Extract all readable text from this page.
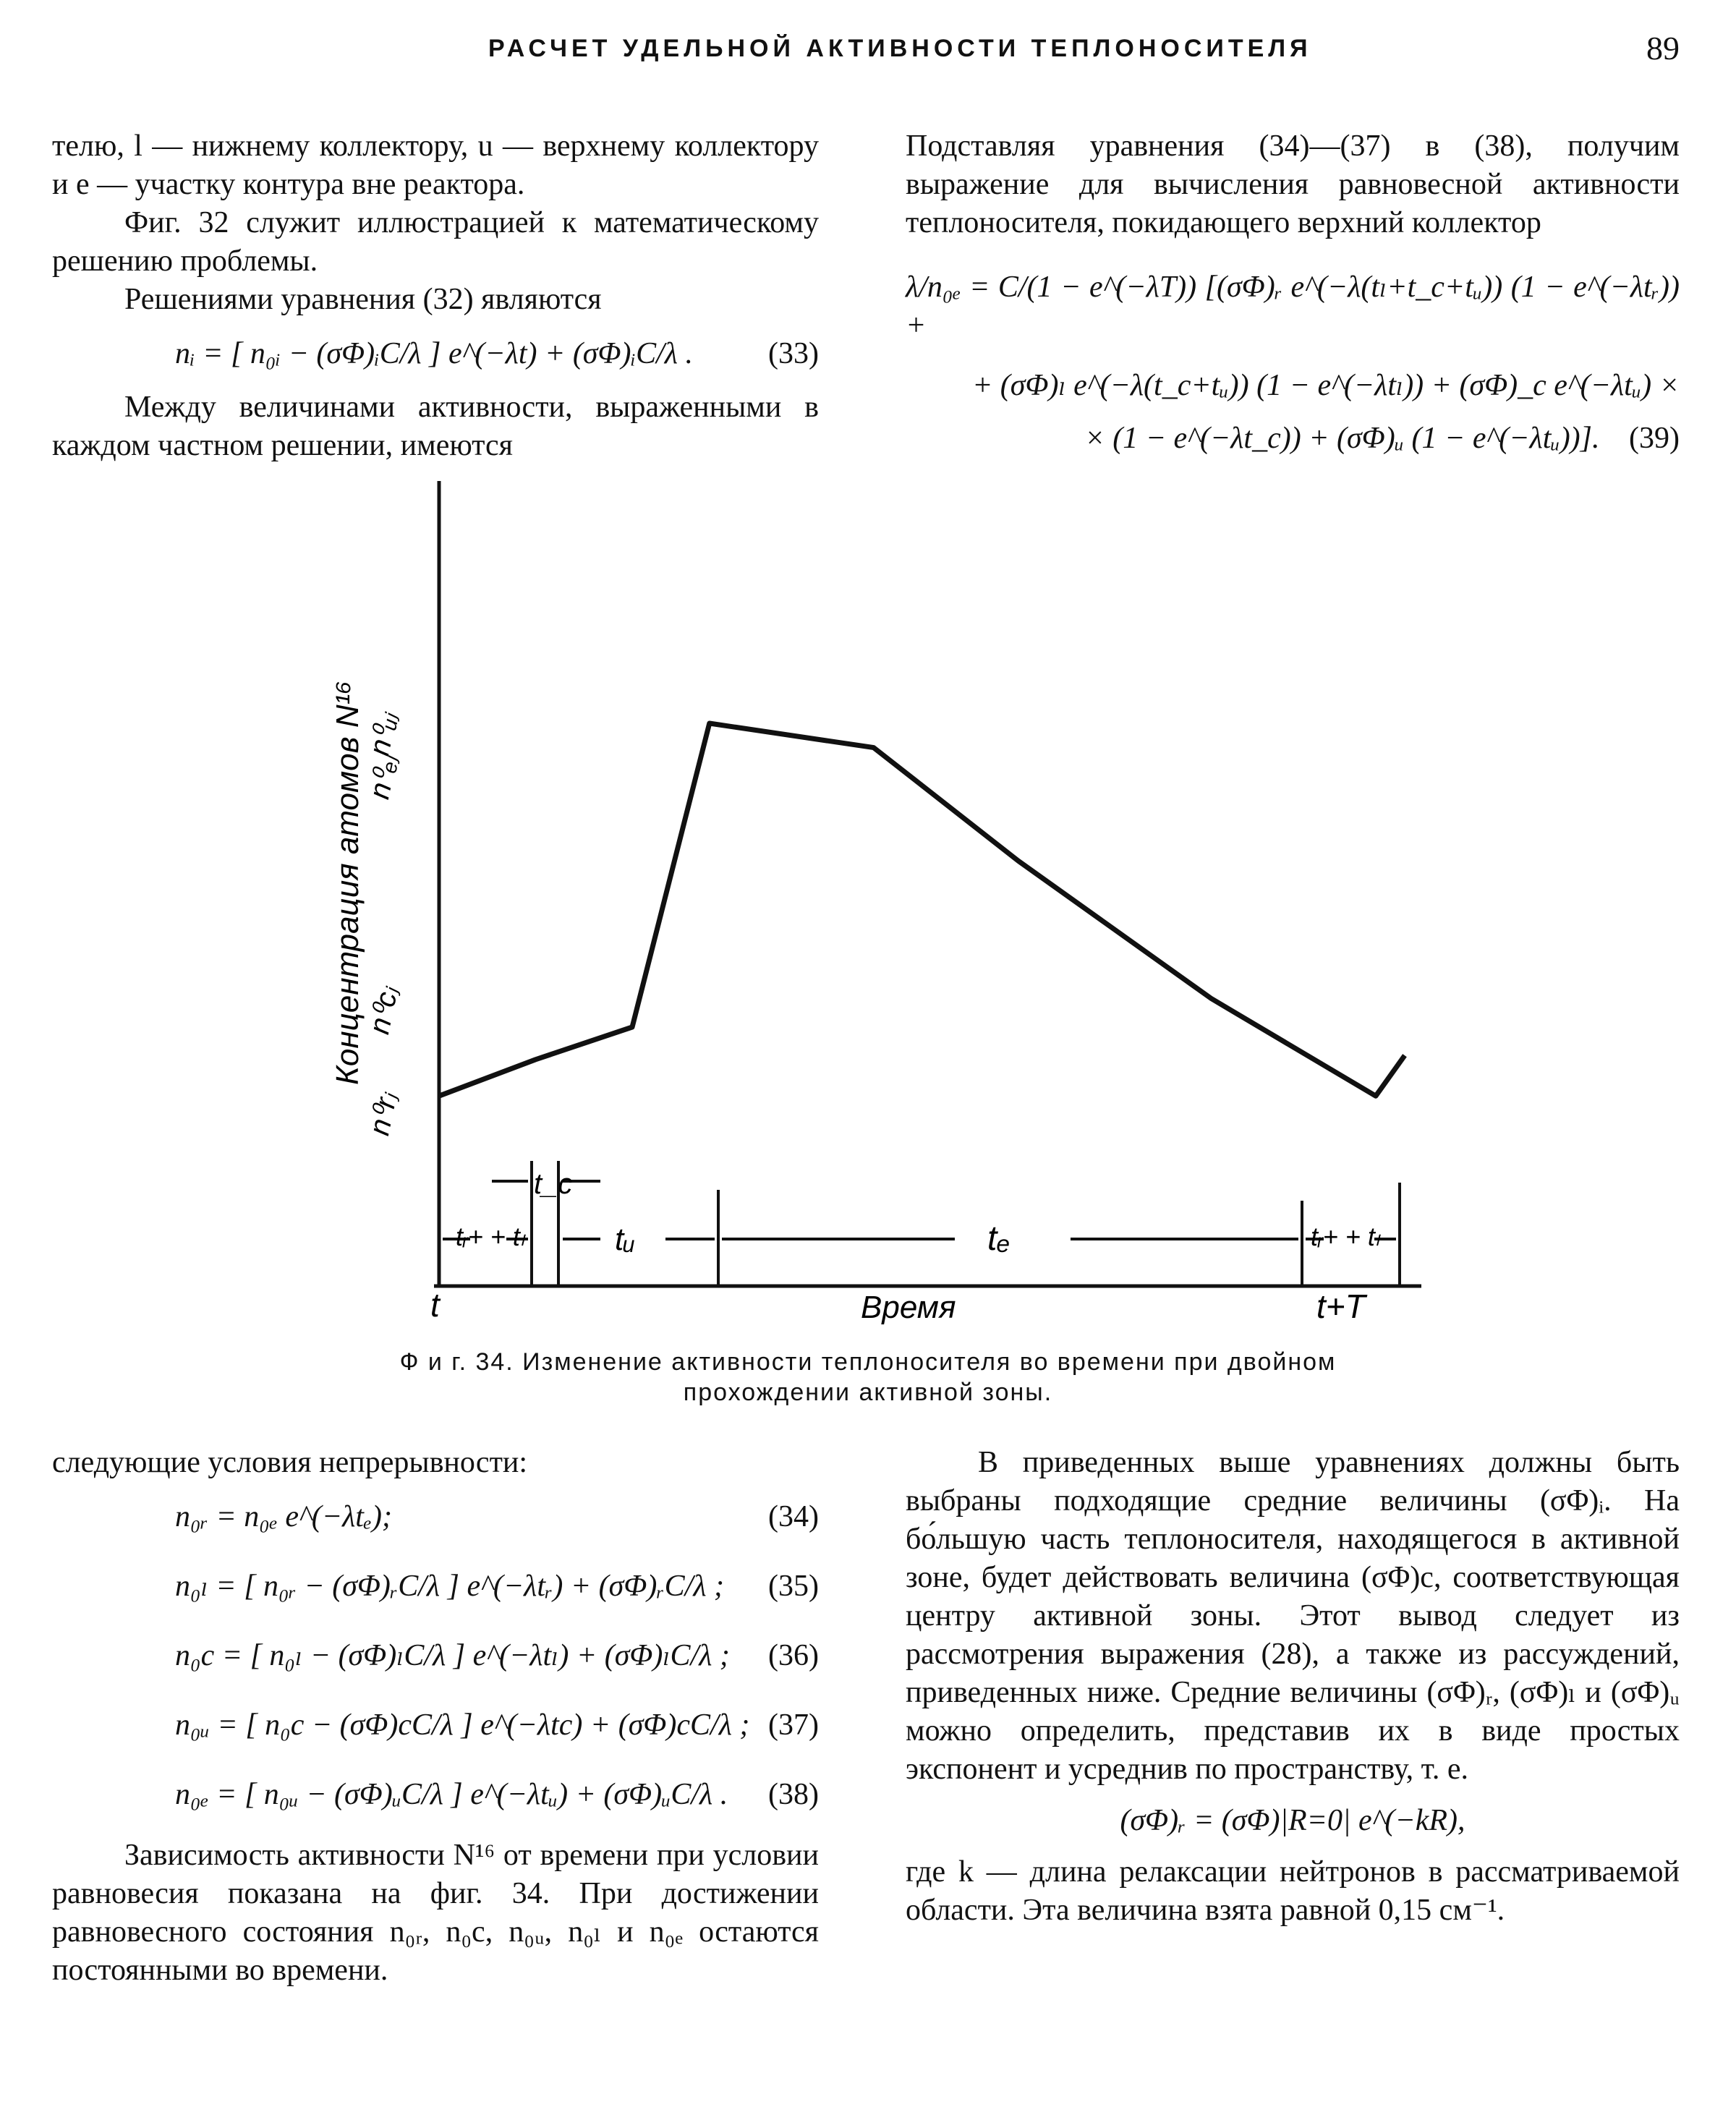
РАСЧЕТ УДЕЛЬНОЙ АКТИВНОСТИ ТЕПЛОНОСИТЕЛЯ	89

телю, l — нижнему коллектору, u — верхнему коллектору и e — участку контура вне реактора.

Фиг. 32 служит иллюстрацией к математическому решению проблемы.

Решениями уравнения (32) являются

nᵢ = [ n₀ᵢ − (σΦ)ᵢC/λ ] e^(−λt) + (σΦ)ᵢC/λ . (33)

Между величинами активности, выраженными в каждом частном решении, имеются

Подставляя уравнения (34)—(37) в (38), получим выражение для вычисления равновесной активности теплоносителя, покидающего верхний коллектор

λ/n₀ₑ = C/(1 − e^(−λT)) [(σΦ)ᵣ e^(−λ(tₗ+t_c+tᵤ)) (1 − e^(−λtᵣ)) +
+ (σΦ)ₗ e^(−λ(t_c+tᵤ)) (1 − e^(−λtₗ)) + (σΦ)_c e^(−λtᵤ) ×
× (1 − e^(−λt_c)) + (σΦ)ᵤ (1 − e^(−λtᵤ))]. (39)
Концентрация атомов N¹⁶
n⁰ᵤⱼ
n⁰ₑⱼ
n⁰cⱼ
n⁰rⱼ
tᵣ+ + tₗ
t_c
tᵤ	tₑ	tᵣ+ + tₗ
t	Время	t+T
Ф и г. 34. Изменение активности теплоносителя во времени при двойном
прохождении активной зоны.

следующие условия непрерывности:

n₀ᵣ = n₀ₑ e^(−λtₑ);	(34)
n₀ₗ = [ n₀ᵣ − (σΦ)ᵣC/λ ] e^(−λtᵣ) + (σΦ)ᵣC/λ ; (35)
n₀c = [ n₀ₗ − (σΦ)ₗC/λ ] e^(−λtₗ) + (σΦ)ₗC/λ ; (36)
n₀ᵤ = [ n₀c − (σΦ)cC/λ ] e^(−λtc) + (σΦ)cC/λ ; (37)
n₀ₑ = [ n₀ᵤ − (σΦ)ᵤC/λ ] e^(−λtᵤ) + (σΦ)ᵤC/λ . (38)

Зависимость активности N¹⁶ от времени при условии равновесия показана на фиг. 34. При достижении равновесного состояния n₀ᵣ, n₀c, n₀ᵤ, n₀ₗ и n₀ₑ остаются постоянными во времени.

В приведенных выше уравнениях должны быть выбраны подходящие средние величины (σΦ)ᵢ. На бо́льшую часть теплоносителя, находящегося в активной зоне, будет действовать величина (σΦ)c, соответствующая центру активной зоны. Этот вывод следует из рассмотрения выражения (28), а также из рассуждений, приведенных ниже. Средние величины (σΦ)ᵣ, (σΦ)ₗ и (σΦ)ᵤ можно определить, представив их в виде простых экспонент и усреднив по пространству, т. е.

(σΦ)ᵣ = (σΦ)|R=0| e^(−kR),

где k — длина релаксации нейтронов в рассматриваемой области. Эта величина взята равной 0,15 см⁻¹.
